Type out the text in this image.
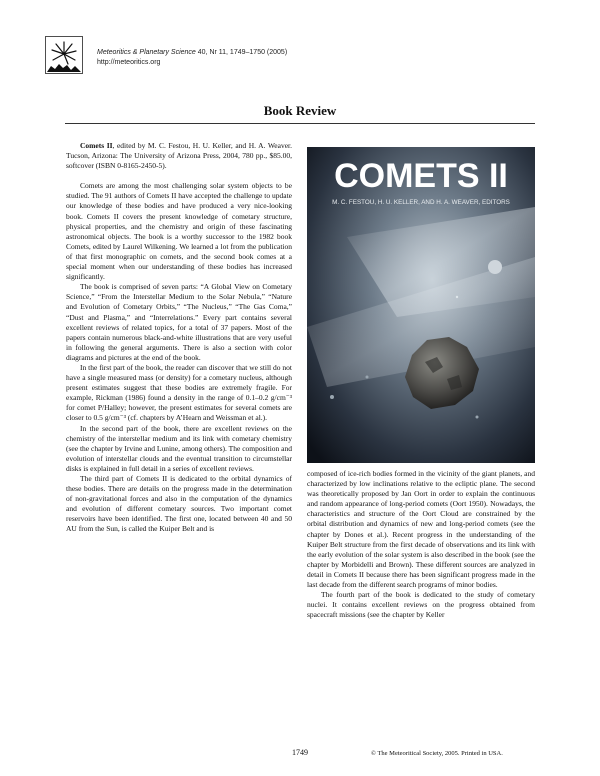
Meteoritics & Planetary Science 40, Nr 11, 1749–1750 (2005)
http://meteoritics.org
Book Review

Comets II, edited by M. C. Festou, H. U. Keller, and H. A. Weaver. Tucson, Arizona: The University of Arizona Press, 2004, 780 pp., $85.00, softcover (ISBN 0-8165-2450-5).

Comets are among the most challenging solar system objects to be studied. The 91 authors of Comets II have accepted the challenge to update our knowledge of these bodies and have produced a very nice-looking book. Comets II covers the present knowledge of cometary structure, physical properties, and the chemistry and origin of these fascinating astronomical objects. The book is a worthy successor to the 1982 book Comets, edited by Laurel Wilkening. We learned a lot from the publication of that first monographic on comets, and the second book comes at a special moment when our understanding of these bodies has increased significantly.

The book is comprised of seven parts: “A Global View on Cometary Science,” “From the Interstellar Medium to the Solar Nebula,” “Nature and Evolution of Cometary Orbits,” “The Nucleus,” “The Gas Coma,” “Dust and Plasma,” and “Interrelations.” Every part contains several excellent reviews of related topics, for a total of 37 papers. Most of the papers contain numerous black-and-white illustrations that are very useful in following the general arguments. There is also a section with color diagrams and pictures at the end of the book.

In the first part of the book, the reader can discover that we still do not have a single measured mass (or density) for a cometary nucleus, although present estimates suggest that these bodies are extremely fragile. For example, Rickman (1986) found a density in the range of 0.1–0.2 g/cm⁻³ for comet P/Halley; however, the present estimates for several comets are closer to 0.5 g/cm⁻³ (cf. chapters by A’Hearn and Weissman et al.).

In the second part of the book, there are excellent reviews on the chemistry of the interstellar medium and its link with cometary chemistry (see the chapter by Irvine and Lunine, among others). The composition and evolution of interstellar clouds and the eventual transition to circumstellar disks is explained in full detail in a series of excellent reviews.

The third part of Comets II is dedicated to the orbital dynamics of these bodies. There are details on the progress made in the determination of non-gravitational forces and also in the computation of the dynamics and evolution of different cometary sources. Two important comet reservoirs have been identified. The first one, located between 40 and 50 AU from the Sun, is called the Kuiper Belt and is

COMETS II
M. C. FESTOU, H. U. KELLER, AND H. A. WEAVER, EDITORS

composed of ice-rich bodies formed in the vicinity of the giant planets, and characterized by low inclinations relative to the ecliptic plane. The second was theoretically proposed by Jan Oort in order to explain the continuous and random appearance of long-period comets (Oort 1950). Nowadays, the characteristics and structure of the Oort Cloud are constrained by the orbital distribution and dynamics of new and long-period comets (see the chapter by Dones et al.). Recent progress in the understanding of the Kuiper Belt structure from the first decade of observations and its link with the early evolution of the solar system is also described in the book (see the chapter by Morbidelli and Brown). These different sources are analyzed in detail in Comets II because there has been significant progress made in the last decade from the different search programs of minor bodies.

The fourth part of the book is dedicated to the study of cometary nuclei. It contains excellent reviews on the progress obtained from spacecraft missions (see the chapter by Keller

1749	© The Meteoritical Society, 2005. Printed in USA.
